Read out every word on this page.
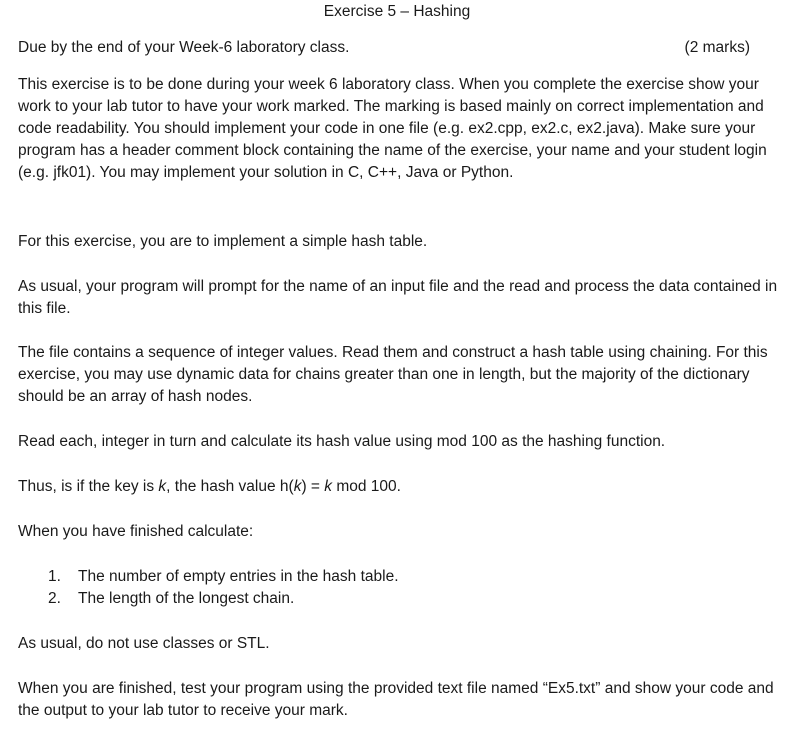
Exercise 5 – Hashing
Due by the end of your Week-6 laboratory class.	(2 marks)

This exercise is to be done during your week 6 laboratory class. When you complete the exercise show your work to your lab tutor to have your work marked. The marking is based mainly on correct implementation and code readability. You should implement your code in one file (e.g. ex2.cpp, ex2.c, ex2.java). Make sure your program has a header comment block containing the name of the exercise, your name and your student login (e.g. jfk01). You may implement your solution in C, C++, Java or Python.

For this exercise, you are to implement a simple hash table.

As usual, your program will prompt for the name of an input file and the read and process the data contained in this file.

The file contains a sequence of integer values. Read them and construct a hash table using chaining. For this exercise, you may use dynamic data for chains greater than one in length, but the majority of the dictionary should be an array of hash nodes.

Read each, integer in turn and calculate its hash value using mod 100 as the hashing function.

Thus, is if the key is k, the hash value h(k) = k mod 100.

When you have finished calculate:

1. The number of empty entries in the hash table.
2. The length of the longest chain.

As usual, do not use classes or STL.

When you are finished, test your program using the provided text file named “Ex5.txt” and show your code and the output to your lab tutor to receive your mark.
